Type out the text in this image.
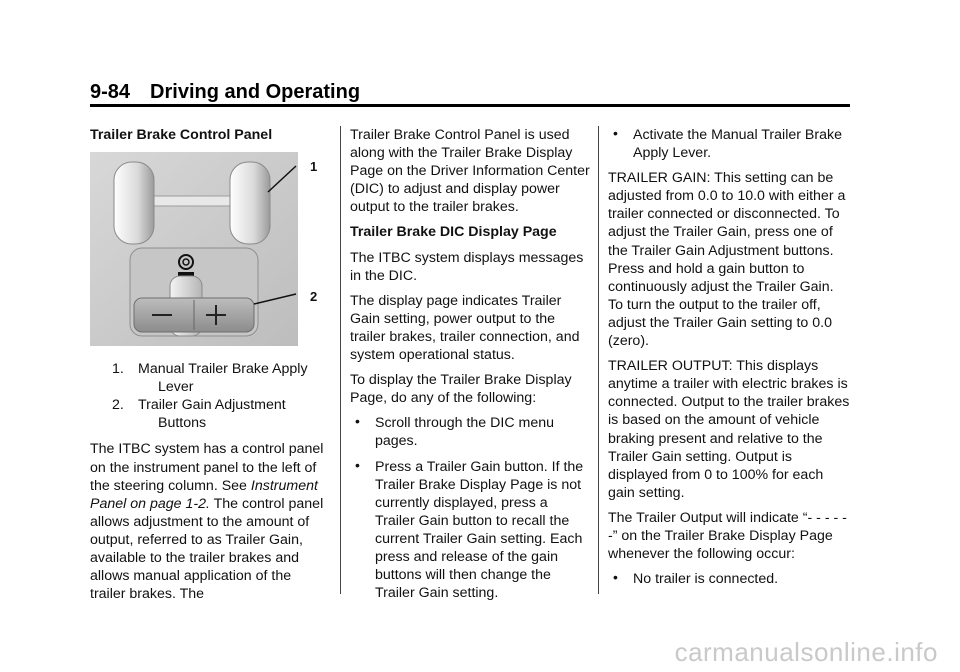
9-84 Driving and Operating

Trailer Brake Control Panel

1
2
1. Manual Trailer Brake Apply
Lever
2. Trailer Gain Adjustment
Buttons

The ITBC system has a control panel on the instrument panel to the left of the steering column. See Instrument Panel on page 1-2. The control panel allows adjustment to the amount of output, referred to as Trailer Gain, available to the trailer brakes and allows manual application of the trailer brakes. The

Trailer Brake Control Panel is used along with the Trailer Brake Display Page on the Driver Information Center (DIC) to adjust and display power output to the trailer brakes.

Trailer Brake DIC Display Page

The ITBC system displays messages in the DIC.

The display page indicates Trailer Gain setting, power output to the trailer brakes, trailer connection, and system operational status.

To display the Trailer Brake Display Page, do any of the following:

• Scroll through the DIC menu pages.
• Press a Trailer Gain button. If the Trailer Brake Display Page is not currently displayed, press a Trailer Gain button to recall the current Trailer Gain setting. Each press and release of the gain buttons will then change the Trailer Gain setting.
• Activate the Manual Trailer Brake Apply Lever.

TRAILER GAIN: This setting can be adjusted from 0.0 to 10.0 with either a trailer connected or disconnected. To adjust the Trailer Gain, press one of the Trailer Gain Adjustment buttons. Press and hold a gain button to continuously adjust the Trailer Gain. To turn the output to the trailer off, adjust the Trailer Gain setting to 0.0 (zero).

TRAILER OUTPUT: This displays anytime a trailer with electric brakes is connected. Output to the trailer brakes is based on the amount of vehicle braking present and relative to the Trailer Gain setting. Output is displayed from 0 to 100% for each gain setting.

The Trailer Output will indicate “- - - - - -” on the Trailer Brake Display Page whenever the following occur:

• No trailer is connected.
carmanualsonline.info
